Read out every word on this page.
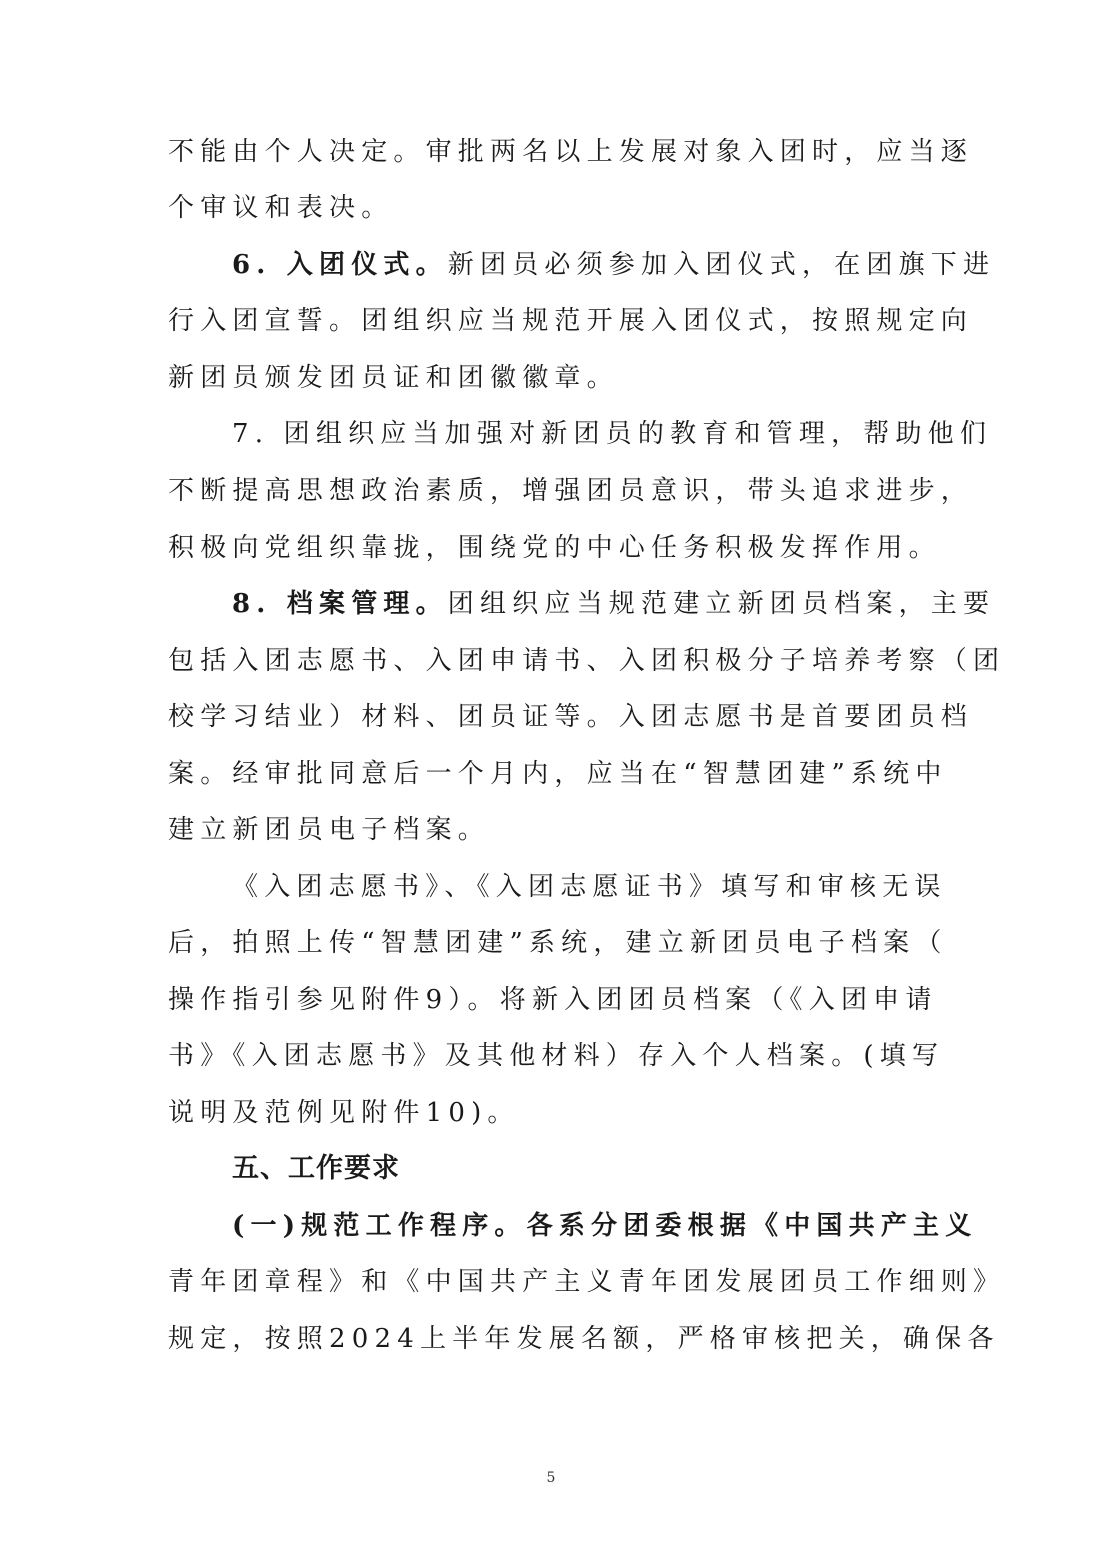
不能由个人决定。审批两名以上发展对象入团时，应当逐
个审议和表决。
6. 入团仪式。新团员必须参加入团仪式，在团旗下进
行入团宣誓。团组织应当规范开展入团仪式，按照规定向
新团员颁发团员证和团徽徽章。
7. 团组织应当加强对新团员的教育和管理，帮助他们
不断提高思想政治素质，增强团员意识，带头追求进步，
积极向党组织靠拢，围绕党的中心任务积极发挥作用。
8. 档案管理。团组织应当规范建立新团员档案，主要
包括入团志愿书、入团申请书、入团积极分子培养考察（团
校学习结业）材料、团员证等。入团志愿书是首要团员档
案。经审批同意后一个月内，应当在“智慧团建”系统中
建立新团员电子档案。
《入团志愿书》、《入团志愿证书》填写和审核无误
后，拍照上传“智慧团建”系统，建立新团员电子档案（
操作指引参见附件9）。将新入团团员档案（《入团申请
书》《入团志愿书》及其他材料）存入个人档案。(填写
说明及范例见附件10)。
五、工作要求
(一)规范工作程序。各系分团委根据《中国共产主义
青年团章程》和《中国共产主义青年团发展团员工作细则》
规定，按照2024上半年发展名额，严格审核把关，确保各
5
